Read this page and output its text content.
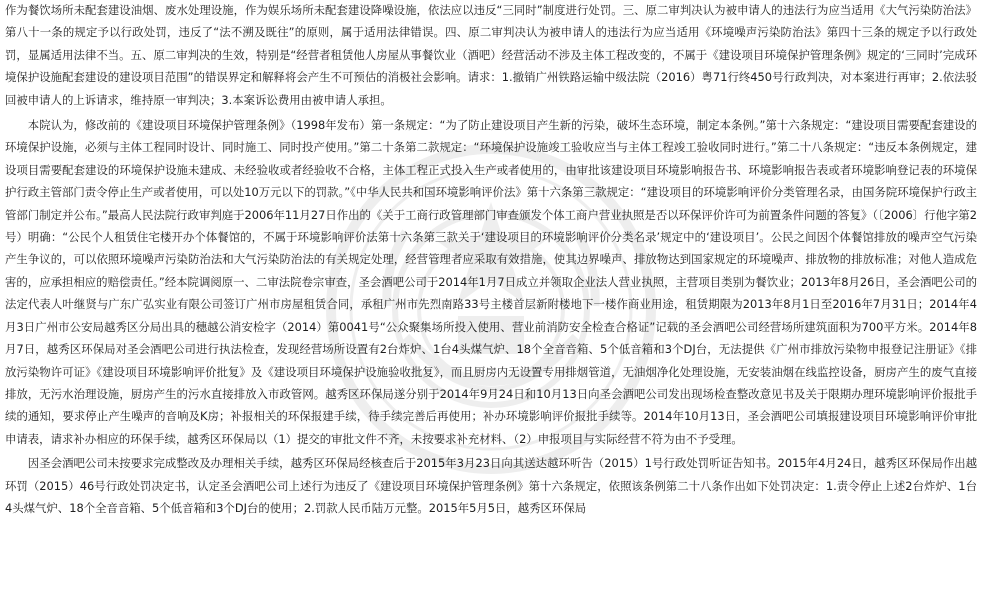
作为餐饮场所未配套建设油烟、废水处理设施，作为娱乐场所未配套建设降噪设施，依法应以违反“三同时”制度进行处罚。三、原二审判决认为被申请人的违法行为应当适用《大气污染防治法》第八十一条的规定予以行政处罚，违反了“法不溯及既往”的原则，属于适用法律错误。四、原二审判决认为被申请人的违法行为应当适用《环境噪声污染防治法》第四十三条的规定予以行政处罚，显属适用法律不当。五、原二审判决的生效，特别是“经营者租赁他人房屋从事餐饮业（酒吧）经营活动不涉及主体工程改变的，不属于《建设项目环境保护管理条例》规定的‘三同时’完成环境保护设施配套建设的建设项目范围”的错误界定和解释将会产生不可预估的消极社会影响。请求：1.撤销广州铁路运输中级法院（2016）粤71行终450号行政判决，对本案进行再审；2.依法驳回被申请人的上诉请求，维持原一审判决；3.本案诉讼费用由被申请人承担。

本院认为，修改前的《建设项目环境保护管理条例》（1998年发布）第一条规定：“为了防止建设项目产生新的污染，破坏生态环境，制定本条例。”第十六条规定：“建设项目需要配套建设的环境保护设施，必须与主体工程同时设计、同时施工、同时投产使用。”第二十条第二款规定：“环境保护设施竣工验收应当与主体工程竣工验收同时进行。”第二十八条规定：“违反本条例规定，建设项目需要配套建设的环境保护设施未建成、未经验收或者经验收不合格，主体工程正式投入生产或者使用的，由审批该建设项目环境影响报告书、环境影响报告表或者环境影响登记表的环境保护行政主管部门责令停止生产或者使用，可以处10万元以下的罚款。”《中华人民共和国环境影响评价法》第十六条第三款规定：“建设项目的环境影响评价分类管理名录，由国务院环境保护行政主管部门制定并公布。”最高人民法院行政审判庭于2006年11月27日作出的《关于工商行政管理部门审查颁发个体工商户营业执照是否以环保评价许可为前置条件问题的答复》（〔2006〕行他字第2号）明确：“公民个人租赁住宅楼开办个体餐馆的，不属于环境影响评价法第十六条第三款关于‘建设项目的环境影响评价分类名录’规定中的‘建设项目’。公民之间因个体餐馆排放的噪声空气污染产生争议的，可以依照环境噪声污染防治法和大气污染防治法的有关规定处理，经营管理者应采取有效措施，使其边界噪声、排放物达到国家规定的环境噪声、排放物的排放标准；对他人造成危害的，应承担相应的赔偿责任。”经本院调阅原一、二审法院卷宗审查，圣会酒吧公司于2014年1月7日成立并领取企业法人营业执照，主营项目类别为餐饮业；2013年8月26日，圣会酒吧公司的法定代表人叶继贤与广东广弘实业有限公司签订广州市房屋租赁合同，承租广州市先烈南路33号主楼首层新附楼地下一楼作商业用途，租赁期限为2013年8月1日至2016年7月31日；2014年4月3日广州市公安局越秀区分局出具的穗越公消安检字（2014）第0041号“公众聚集场所投入使用、营业前消防安全检查合格证”记载的圣会酒吧公司经营场所建筑面积为700平方米。2014年8月7日，越秀区环保局对圣会酒吧公司进行执法检查，发现经营场所设置有2台炸炉、1台4头煤气炉、18个全音音箱、5个低音箱和3个DJ台，无法提供《广州市排放污染物申报登记注册证》《排放污染物许可证》《建设项目环境影响评价批复》及《建设项目环境保护设施验收批复》，而且厨房内无设置专用排烟管道，无油烟净化处理设施，无安装油烟在线监控设备，厨房产生的废气直接排放，无污水治理设施，厨房产生的污水直接排放入市政管网。越秀区环保局遂分别于2014年9月24日和10月13日向圣会酒吧公司发出现场检查整改意见书及关于限期办理环境影响评价报批手续的通知，要求停止产生噪声的音响及K房；补报相关的环保报建手续，待手续完善后再使用；补办环境影响评价报批手续等。2014年10月13日，圣会酒吧公司填报建设项目环境影响评价审批申请表，请求补办相应的环保手续，越秀区环保局以（1）提交的审批文件不齐，未按要求补充材料、（2）申报项目与实际经营不符为由不予受理。

因圣会酒吧公司未按要求完成整改及办理相关手续，越秀区环保局经核查后于2015年3月23日向其送达越环听告（2015）1号行政处罚听证告知书。2015年4月24日，越秀区环保局作出越环罚（2015）46号行政处罚决定书，认定圣会酒吧公司上述行为违反了《建设项目环境保护管理条例》第十六条规定，依照该条例第二十八条作出如下处罚决定：1.责令停止上述2台炸炉、1台4头煤气炉、18个全音音箱、5个低音箱和3个DJ台的使用；2.罚款人民币陆万元整。2015年5月5日，越秀区环保局
